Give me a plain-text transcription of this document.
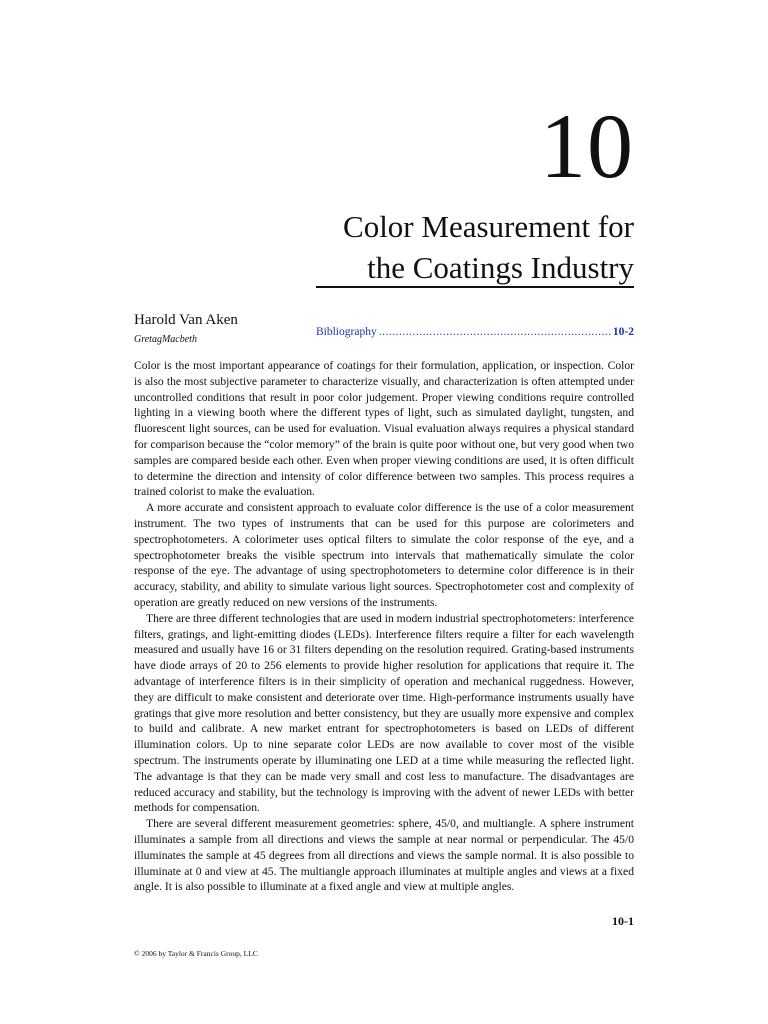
10
Color Measurement for
the Coatings Industry
Harold Van Aken
GretagMacbeth
Bibliography
.....	10-2

Color is the most important appearance of coatings for their formulation, application, or inspection. Color is also the most subjective parameter to characterize visually, and characterization is often attempted under uncontrolled conditions that result in poor color judgement. Proper viewing conditions require controlled lighting in a viewing booth where the different types of light, such as simulated daylight, tungsten, and fluorescent light sources, can be used for evaluation. Visual evaluation always requires a physical standard for comparison because the “color memory” of the brain is quite poor without one, but very good when two samples are compared beside each other. Even when proper viewing conditions are used, it is often difficult to determine the direction and intensity of color difference between two samples. This process requires a trained colorist to make the evaluation.

A more accurate and consistent approach to evaluate color difference is the use of a color measurement instrument. The two types of instruments that can be used for this purpose are colorimeters and spectrophotometers. A colorimeter uses optical filters to simulate the color response of the eye, and a spectrophotometer breaks the visible spectrum into intervals that mathematically simulate the color response of the eye. The advantage of using spectrophotometers to determine color difference is in their accuracy, stability, and ability to simulate various light sources. Spectrophotometer cost and complexity of operation are greatly reduced on new versions of the instruments.

There are three different technologies that are used in modern industrial spectrophotometers: interference filters, gratings, and light-emitting diodes (LEDs). Interference filters require a filter for each wavelength measured and usually have 16 or 31 filters depending on the resolution required. Grating-based instruments have diode arrays of 20 to 256 elements to provide higher resolution for applications that require it. The advantage of interference filters is in their simplicity of operation and mechanical ruggedness. However, they are difficult to make consistent and deteriorate over time. High-performance instruments usually have gratings that give more resolution and better consistency, but they are usually more expensive and complex to build and calibrate. A new market entrant for spectrophotometers is based on LEDs of different illumination colors. Up to nine separate color LEDs are now available to cover most of the visible spectrum. The instruments operate by illuminating one LED at a time while measuring the reflected light. The advantage is that they can be made very small and cost less to manufacture. The disadvantages are reduced accuracy and stability, but the technology is improving with the advent of newer LEDs with better methods for compensation.

There are several different measurement geometries: sphere, 45/0, and multiangle. A sphere instrument illuminates a sample from all directions and views the sample at near normal or perpendicular. The 45/0 illuminates the sample at 45 degrees from all directions and views the sample normal. It is also possible to illuminate at 0 and view at 45. The multiangle approach illuminates at multiple angles and views at a fixed angle. It is also possible to illuminate at a fixed angle and view at multiple angles.

10-1
© 2006 by Taylor & Francis Group, LLC
